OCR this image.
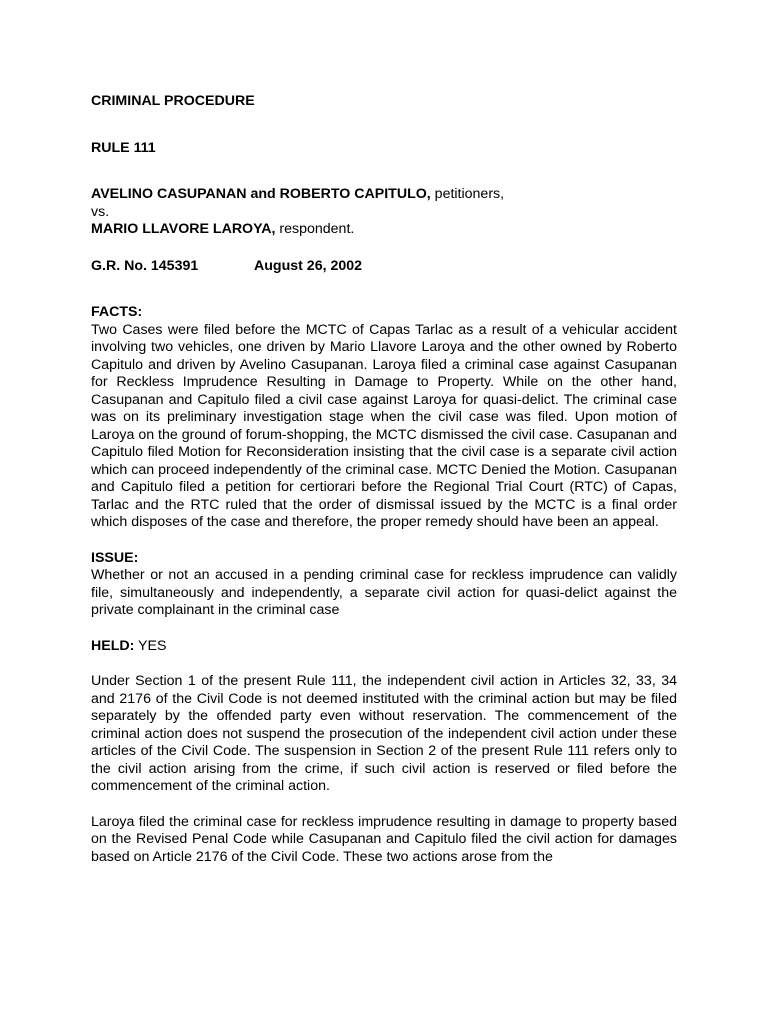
CRIMINAL PROCEDURE

RULE 111

AVELINO CASUPANAN and ROBERTO CAPITULO, petitioners,
vs.
MARIO LLAVORE LAROYA, respondent.
G.R. No. 145391	August 26, 2002
FACTS:
Two Cases were filed before the MCTC of Capas Tarlac as a result of a vehicular accident involving two vehicles, one driven by Mario Llavore Laroya and the other owned by Roberto Capitulo and driven by Avelino Casupanan. Laroya filed a criminal case against Casupanan for Reckless Imprudence Resulting in Damage to Property. While on the other hand, Casupanan and Capitulo filed a civil case against Laroya for quasi-delict. The criminal case was on its preliminary investigation stage when the civil case was filed. Upon motion of Laroya on the ground of forum-shopping, the MCTC dismissed the civil case. Casupanan and Capitulo filed Motion for Reconsideration insisting that the civil case is a separate civil action which can proceed independently of the criminal case. MCTC Denied the Motion. Casupanan and Capitulo filed a petition for certiorari before the Regional Trial Court (RTC) of Capas, Tarlac and the RTC ruled that the order of dismissal issued by the MCTC is a final order which disposes of the case and therefore, the proper remedy should have been an appeal.
ISSUE:
Whether or not an accused in a pending criminal case for reckless imprudence can validly file, simultaneously and independently, a separate civil action for quasi-delict against the private complainant in the criminal case
HELD: YES

Under Section 1 of the present Rule 111, the independent civil action in Articles 32, 33, 34 and 2176 of the Civil Code is not deemed instituted with the criminal action but may be filed separately by the offended party even without reservation. The commencement of the criminal action does not suspend the prosecution of the independent civil action under these articles of the Civil Code. The suspension in Section 2 of the present Rule 111 refers only to the civil action arising from the crime, if such civil action is reserved or filed before the commencement of the criminal action.

Laroya filed the criminal case for reckless imprudence resulting in damage to property based on the Revised Penal Code while Casupanan and Capitulo filed the civil action for damages based on Article 2176 of the Civil Code. These two actions arose from the
